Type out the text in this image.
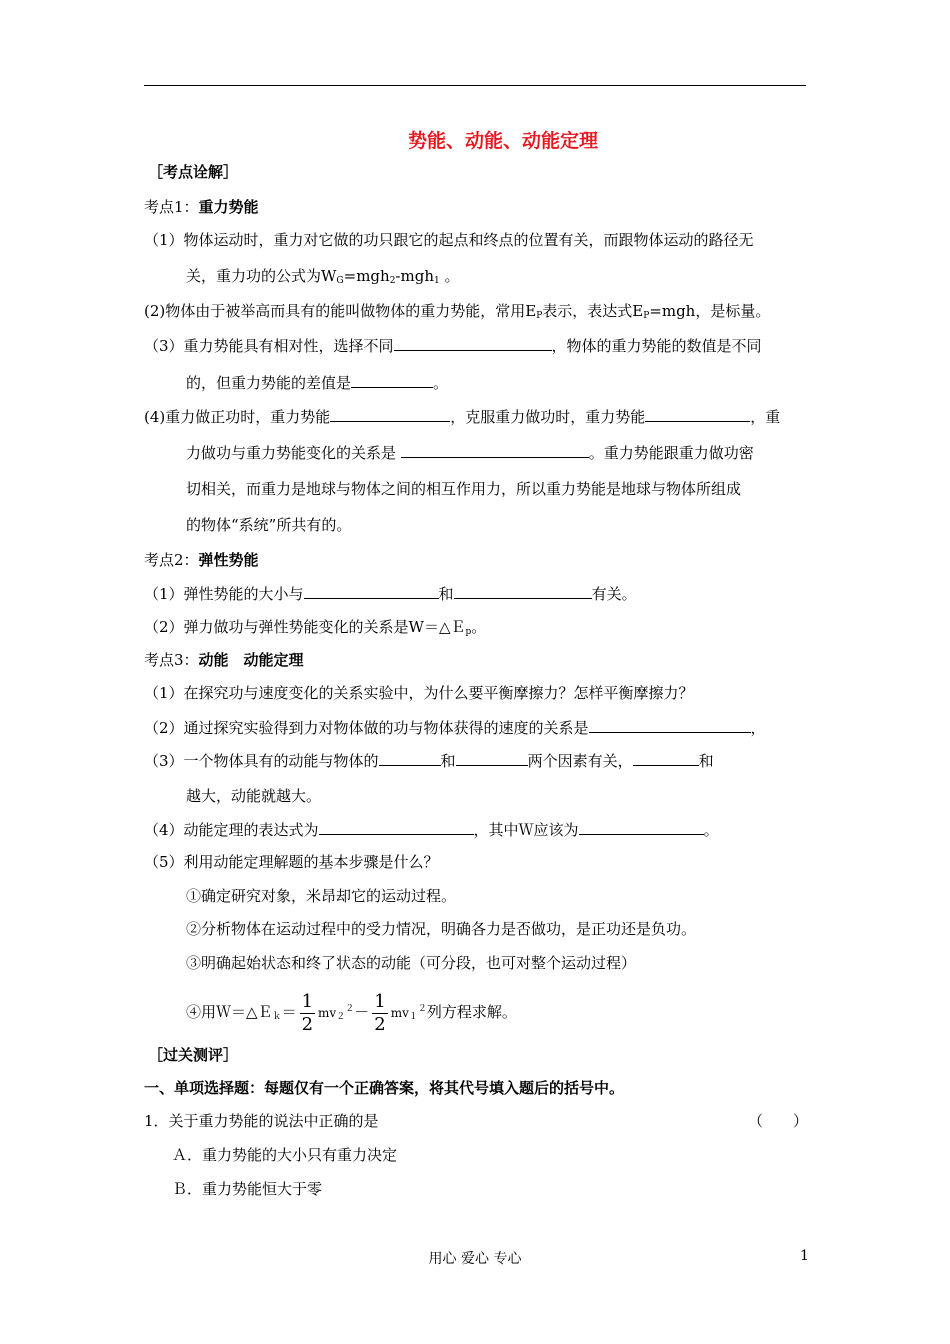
势能、动能、动能定理
［考点诠解］
考点1：重力势能
（1）物体运动时，重力对它做的功只跟它的起点和终点的位置有关，而跟物体运动的路径无
关，重力功的公式为$W_G=mgh_2-mgh_1$ 。
(2)物体由于被举高而具有的能叫做物体的重力势能，常用$E_P$表示，表达式$E_P=mgh$，是标量。
（3）重力势能具有相对性，选择不同	，物体的重力势能的数值是不同
的，但重力势能的差值是	。
(4)重力做正功时，重力势能	，克服重力做功时，重力势能	，重
力做功与重力势能变化的关系是	。重力势能跟重力做功密
切相关，而重力是地球与物体之间的相互作用力，所以重力势能是地球与物体所组成
的物体“系统”所共有的。
考点2：弹性势能
（1）弹性势能的大小与	和	有关。
（2）弹力做功与弹性势能变化的关系是W＝△Ｅ$_p$。
考点3：动能　动能定理
（1）在探究功与速度变化的关系实验中，为什么要平衡摩擦力？怎样平衡摩擦力？
（2）通过探究实验得到力对物体做的功与物体获得的速度的关系是	，
（3）一个物体具有的动能与物体的	和	两个因素有关，	和
越大，动能就越大。
（4）动能定理的表达式为	，其中Ｗ应该为	。
（5）利用动能定理解题的基本步骤是什么？
①确定研究对象，米昂却它的运动过程。
②分析物体在运动过程中的受力情况，明确各力是否做功，是正功还是负功。
③明确起始状态和终了状态的动能（可分段，也可对整个运动过程）
④用Ｗ＝△Ｅ$_k$＝ $\frac{1}{2} mv_2^2- \frac{1}{2} mv_1^2$列方程求解。
［过关测评］
一、单项选择题：每题仅有一个正确答案，将其代号填入题后的括号中。
1．关于重力势能的说法中正确的是	（　　）
Ａ．重力势能的大小只有重力决定
Ｂ．重力势能恒大于零
用心 爱心 专心	1
